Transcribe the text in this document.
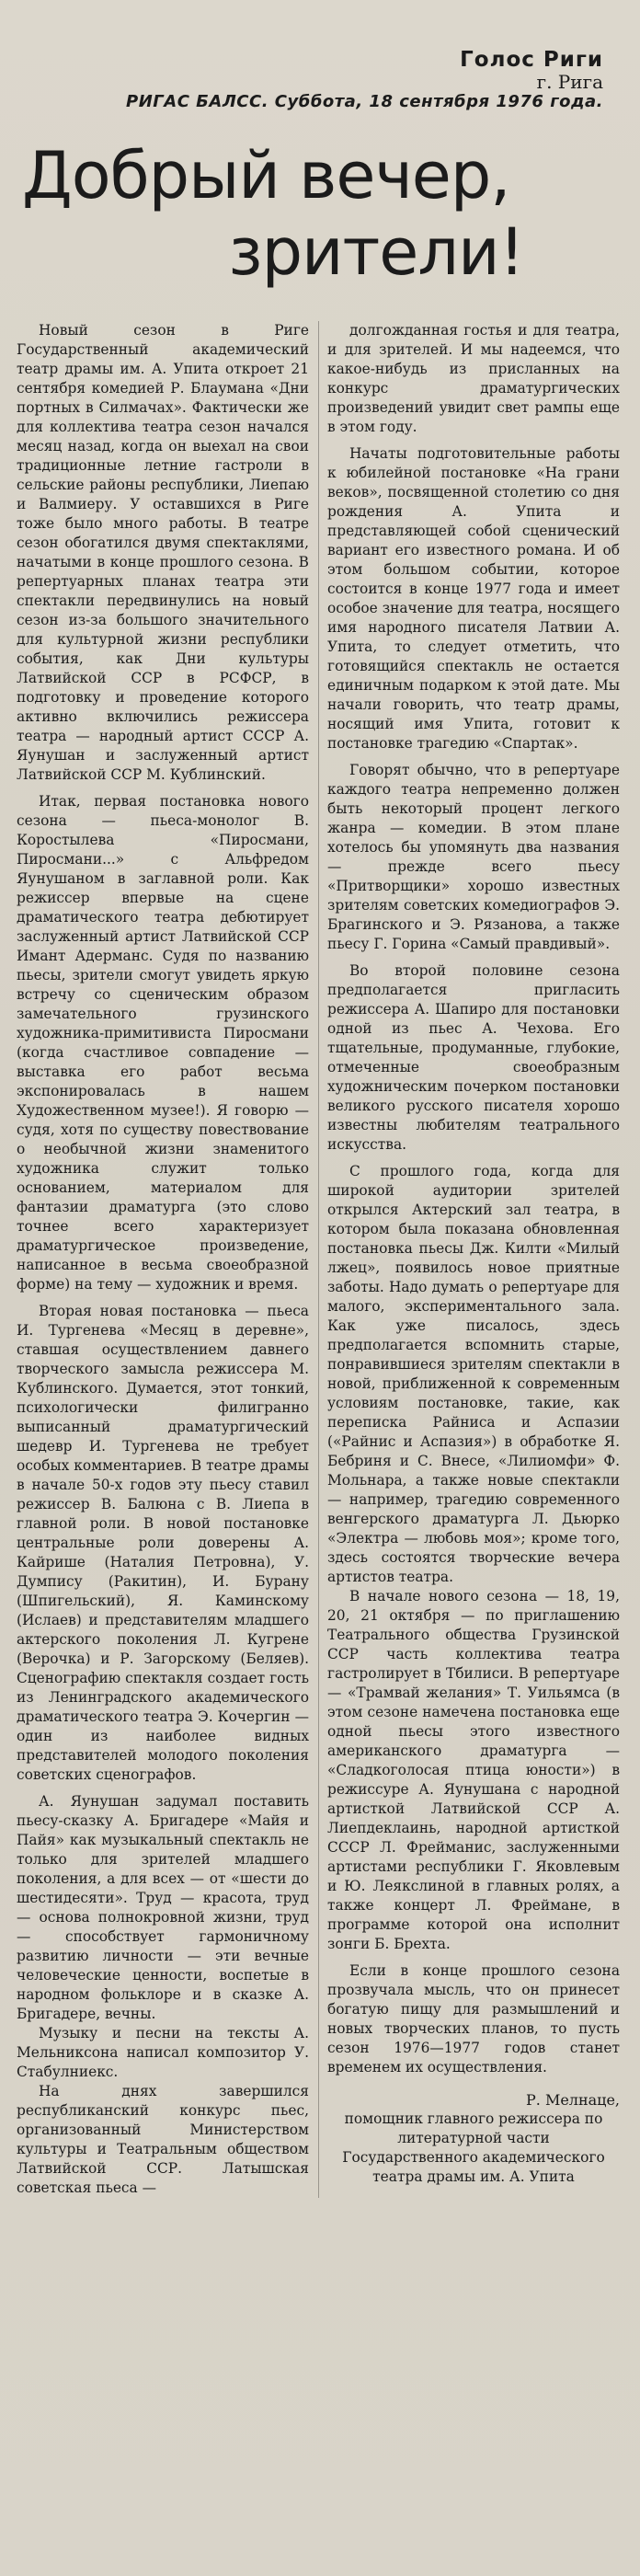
Голос Риги
г. Рига
РИГАС БАЛСС. Суббота, 18 сентября 1976 года.
Добрый вечер,
зрители!

Новый сезон в Риге Государственный академический театр драмы им. А. Упита откроет 21 сентября комедией Р. Блаумана «Дни портных в Силмачах». Фактически же для коллектива театра сезон начался месяц назад, когда он выехал на свои традиционные летние гастроли в сельские районы республики, Лиепаю и Валмиеру. У оставшихся в Риге тоже было много работы. В театре сезон обогатился двумя спектаклями, начатыми в конце прошлого сезона. В репертуарных планах театра эти спектакли передвинулись на новый сезон из-за большого значительного для культурной жизни республики события, как Дни культуры Латвийской ССР в РСФСР, в подготовку и проведение которого активно включились режиссера театра — народный артист СССР А. Яунушан и заслуженный артист Латвийской ССР М. Кублинский.

Итак, первая постановка нового сезона — пьеса-монолог В. Коростылева «Пиросмани, Пиросмани...» с Альфредом Яунушаном в заглавной роли. Как режиссер впервые на сцене драматического театра дебютирует заслуженный артист Латвийской ССР Имант Адерманс. Судя по названию пьесы, зрители смогут увидеть яркую встречу со сценическим образом замечательного грузинского художника-примитивиста Пиросмани (когда счастливое совпадение — выставка его работ весьма экспонировалась в нашем Художественном музее!). Я говорю — судя, хотя по существу повествование о необычной жизни знаменитого художника служит только основанием, материалом для фантазии драматурга (это слово точнее всего характеризует драматургическое произведение, написанное в весьма своеобразной форме) на тему — художник и время.

Вторая новая постановка — пьеса И. Тургенева «Месяц в деревне», ставшая осуществлением давнего творческого замысла режиссера М. Кублинского. Думается, этот тонкий, психологически филигранно выписанный драматургический шедевр И. Тургенева не требует особых комментариев. В театре драмы в начале 50-х годов эту пьесу ставил режиссер В. Балюна с В. Лиепа в главной роли. В новой постановке центральные роли доверены А. Кайрише (Наталия Петровна), У. Думпису (Ракитин), И. Бурану (Шпигельский), Я. Каминскому (Ислаев) и представителям младшего актерского поколения Л. Кугрене (Верочка) и Р. Загорскому (Беляев). Сценографию спектакля создает гость из Ленинградского академического драматического театра Э. Кочергин — один из наиболее видных представителей молодого поколения советских сценографов.

А. Яунушан задумал поставить пьесу-сказку А. Бригадере «Майя и Пайя» как музыкальный спектакль не только для зрителей младшего поколения, а для всех — от «шести до шестидесяти». Труд — красота, труд — основа полнокровной жизни, труд — способствует гармоничному развитию личности — эти вечные человеческие ценности, воспетые в народном фольклоре и в сказке А. Бригадере, вечны.

Музыку и песни на тексты А. Мельниксона написал композитор У. Стабулниекс.

На днях завершился республиканский конкурс пьес, организованный Министерством культуры и Театральным обществом Латвийской ССР. Латышская советская пьеса —

долгожданная гостья и для театра, и для зрителей. И мы надеемся, что какое-нибудь из присланных на конкурс драматургических произведений увидит свет рампы еще в этом году.

Начаты подготовительные работы к юбилейной постановке «На грани веков», посвященной столетию со дня рождения А. Упита и представляющей собой сценический вариант его известного романа. И об этом большом событии, которое состоится в конце 1977 года и имеет особое значение для театра, носящего имя народного писателя Латвии А. Упита, то следует отметить, что готовящийся спектакль не остается единичным подарком к этой дате. Мы начали говорить, что театр драмы, носящий имя Упита, готовит к постановке трагедию «Спартак».

Говорят обычно, что в репертуаре каждого театра непременно должен быть некоторый процент легкого жанра — комедии. В этом плане хотелось бы упомянуть два названия — прежде всего пьесу «Притворщики» хорошо известных зрителям советских комедиографов Э. Брагинского и Э. Рязанова, а также пьесу Г. Горина «Самый правдивый».

Во второй половине сезона предполагается пригласить режиссера А. Шапиро для постановки одной из пьес А. Чехова. Его тщательные, продуманные, глубокие, отмеченные своеобразным художническим почерком постановки великого русского писателя хорошо известны любителям театрального искусства.

С прошлого года, когда для широкой аудитории зрителей открылся Актерский зал театра, в котором была показана обновленная постановка пьесы Дж. Килти «Милый лжец», появилось новое приятные заботы. Надо думать о репертуаре для малого, экспериментального зала. Как уже писалось, здесь предполагается вспомнить старые, понравившиеся зрителям спектакли в новой, приближенной к современным условиям постановке, такие, как переписка Райниса и Аспазии («Райнис и Аспазия») в обработке Я. Бебриня и С. Внесе, «Лилиомфи» Ф. Мольнара, а также новые спектакли — например, трагедию современного венгерского драматурга Л. Дьюрко «Электра — любовь моя»; кроме того, здесь состоятся творческие вечера артистов театра.

В начале нового сезона — 18, 19, 20, 21 октября — по приглашению Театрального общества Грузинской ССР часть коллектива театра гастролирует в Тбилиси. В репертуаре — «Трамвай желания» Т. Уильямса (в этом сезоне намечена постановка еще одной пьесы этого известного американского драматурга — «Сладкоголосая птица юности») в режиссуре А. Яунушана с народной артисткой Латвийской ССР А. Лиепдеклаинь, народной артисткой СССР Л. Фрейманис, заслуженными артистами республики Г. Яковлевым и Ю. Леякслиной в главных ролях, а также концерт Л. Фреймане, в программе которой она исполнит зонги Б. Брехта.

Если в конце прошлого сезона прозвучала мысль, что он принесет богатую пищу для размышлений и новых творческих планов, то пусть сезон 1976—1977 годов станет временем их осуществления.

Р. Мелнаце,

помощник главного режиссера по литературной части Государственного академического театра драмы им. А. Упита
